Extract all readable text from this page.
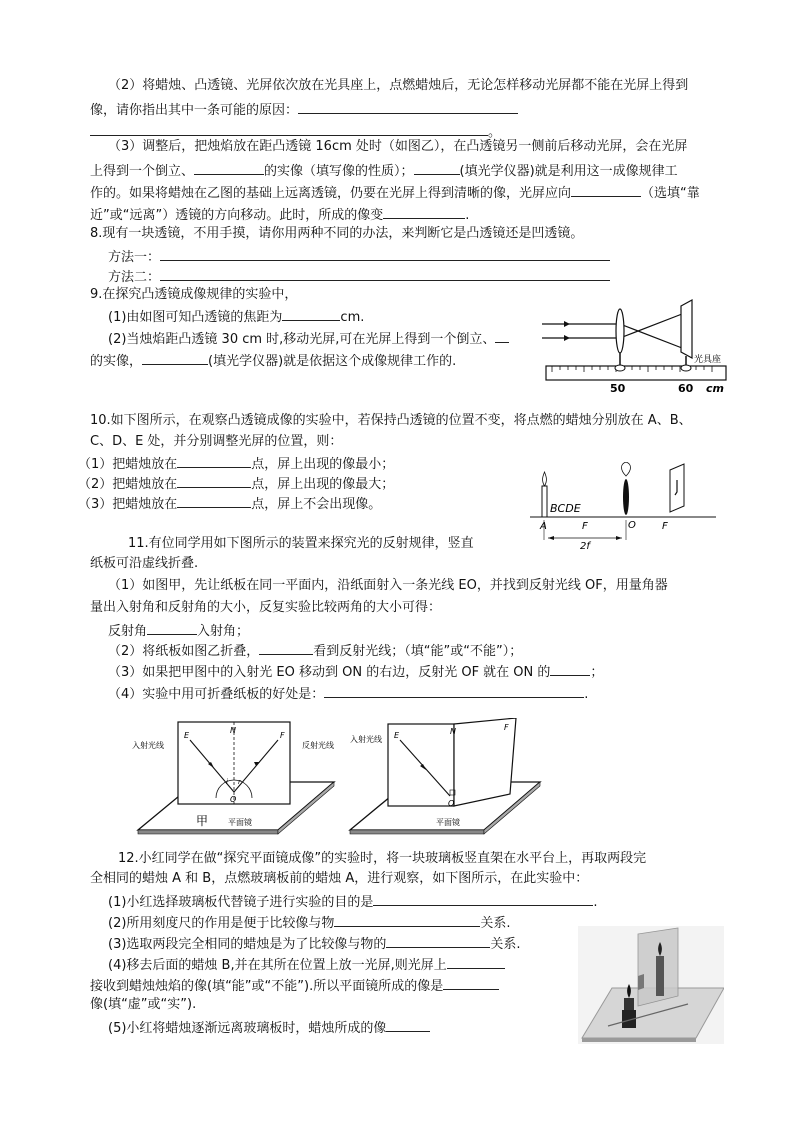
（2）将蜡烛、凸透镜、光屏依次放在光具座上，点燃蜡烛后，无论怎样移动光屏都不能在光屏上得到
像，请你指出其中一条可能的原因：
。
（3）调整后，把烛焰放在距凸透镜 16cm 处时（如图乙），在凸透镜另一侧前后移动光屏，会在光屏
上得到一个倒立、	的实像（填写像的性质）；	(填光学仪器)就是利用这一成像规律工
作的。如果将蜡烛在乙图的基础上远离透镜，仍要在光屏上得到清晰的像，光屏应向	（选填“靠
近”或“远离”）透镜的方向移动。此时，所成的像变	.
8.现有一块透镜，不用手摸，请你用两种不同的办法，来判断它是凸透镜还是凹透镜。
方法一：
方法二：
9.在探究凸透镜成像规律的实验中，
(1)由如图可知凸透镜的焦距为	cm.
(2)当烛焰距凸透镜 30 cm 时,移动光屏,可在光屏上得到一个倒立、
的实像，	(填光学仪器)就是依据这个成像规律工作的.
50	60 cm
光具座
10.如下图所示，在观察凸透镜成像的实验中，若保持凸透镜的位置不变，将点燃的蜡烛分别放在 A、B、
C、D、E 处，并分别调整光屏的位置，则：
（1）把蜡烛放在	点，屏上出现的像最小；
（2）把蜡烛放在	点，屏上出现的像最大；
（3）把蜡烛放在	点，屏上不会出现像。	BCDE
A	O
F	F
2f
11.有位同学用如下图所示的装置来探究光的反射规律，竖直
纸板可沿虚线折叠.
（1）如图甲，先让纸板在同一平面内，沿纸面射入一条光线 EO，并找到反射光线 OF，用量角器
量出入射角和反射角的大小，反复实验比较两角的大小可得：
反射角	入射角；
（2）将纸板如图乙折叠，	看到反射光线；（填“能”或“不能”）；
（3）如果把甲图中的入射光 EO 移动到 ON 的右边，反射光 OF 就在 ON 的	；
（4）实验中用可折叠纸板的好处是：	.
E
N
F
O
i r
入射光线	反射光线
甲 平面镜
E	N	F
O
入射光线
平面镜
12.小红同学在做“探究平面镜成像”的实验时，将一块玻璃板竖直架在水平台上，再取两段完
全相同的蜡烛 A 和 B，点燃玻璃板前的蜡烛 A，进行观察，如下图所示，在此实验中：
(1)小红选择玻璃板代替镜子进行实验的目的是	.
(2)所用刻度尺的作用是便于比较像与物	关系.
(3)选取两段完全相同的蜡烛是为了比较像与物的	关系.
(4)移去后面的蜡烛 B,并在其所在位置上放一光屏,则光屏上
接收到蜡烛烛焰的像(填“能”或“不能”).所以平面镜所成的像是
像(填“虚”或“实”).
(5)小红将蜡烛逐渐远离玻璃板时，蜡烛所成的像
